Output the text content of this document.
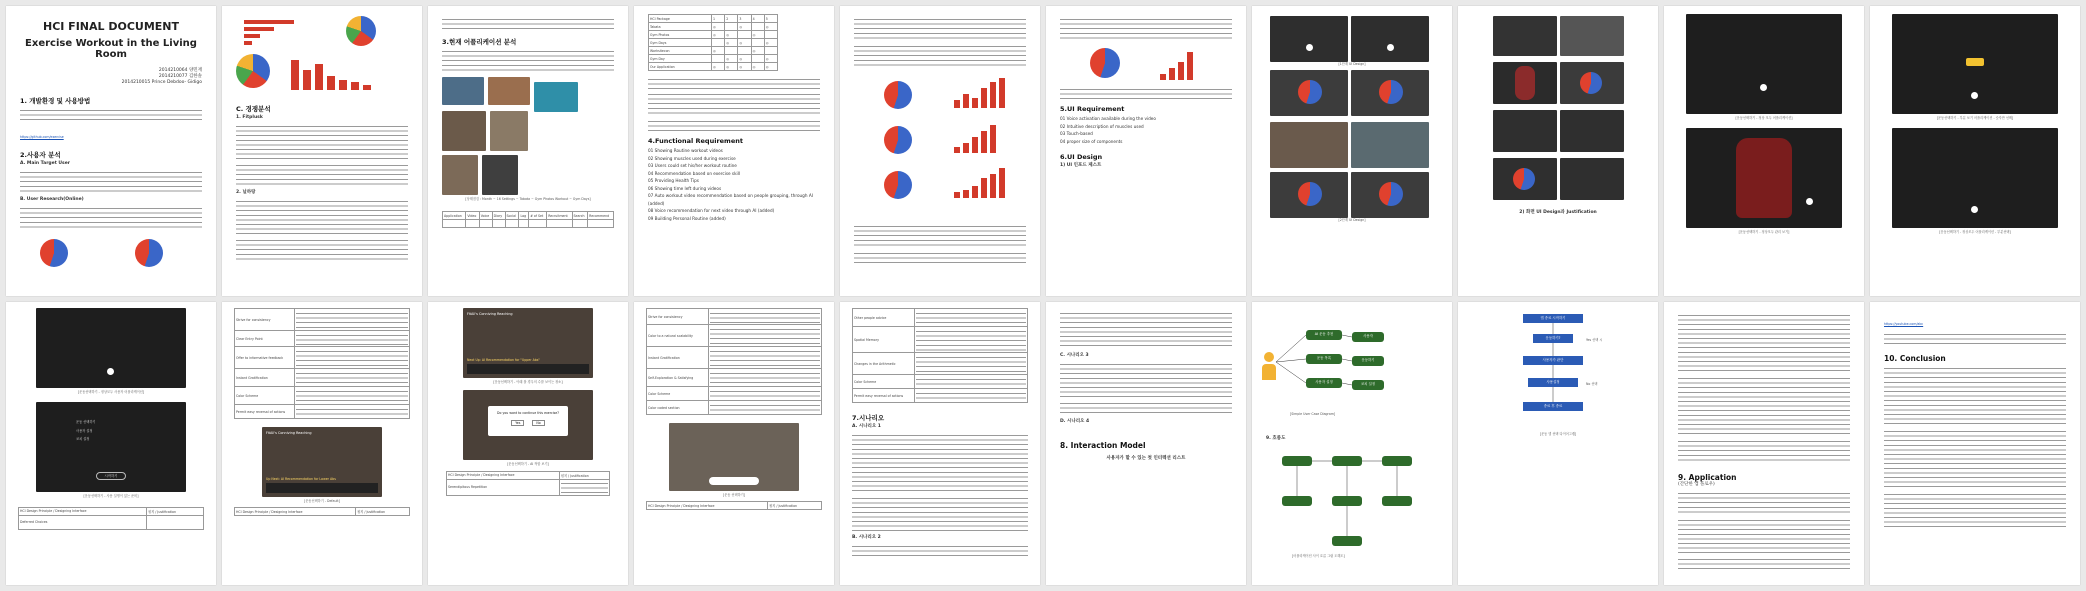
HCI FINAL DOCUMENT
Exercise Workout in the Living Room
2014210064 양민재
2014210077 김한솔
2014210015 Prince Debdoo- Gidigo
1. 개발환경 및 사용방법
https://github.com/exercise
2.사용자 분석
A. Main Target User
B. User Research(Online)
C. 경쟁분석
1. Fitplusk
2. 닐하랑
3.현재 어플리케이션 분석
[상태점검 : Month ~ 16 Settings ~ Tabata ~ Gym Photos Workout ~ Gym Days]
Application	Video	Voice	Diary	Social	Log	# of Set	Recruitment	Search	Recommend

HCI Package	1	2	3	4	5
Tabata	◎		◎		◎
Gym Photos	◎	◎		◎	
Gym Days		◎	◎		◎
Worksitecon	◎			◎	
Gym Day		◎	◎		◎
Our Application	◎	◎	◎	◎	◎
4.Functional Requirement
01 Showing Routine workout videos
02 Showing muscles used during exercise
03 Users could set his/her workout routine
04 Recommendation based on exercise skill
05 Providing Health Tips
06 Showing time left during videos
07 Auto workout video recommendation based on people grouping, through AI (added)
08 Voice recommendation for next video through AI (added)
09 Building Personal Routine (added)
5.UI Requirement
01 Voice activation available during the video
02 Intuitive description of muscles used
03 Touch-based
04 proper size of components
6.UI Design
1) UI 인포드 제스트
[1단계 UI Design]
[2단계 UI Design]
2) 화면 UI Design과 Justification
[운동선택하기 - 정상 모두 어플리케이션]
[운동선택하기 - 정상모두 관리 보기]
[운동선택하기 - 부분 보기 어플리케이션 - 숫자만 선택]
[운동선택하기 - 정상모두 어플리케이션 - 부분선택]
[운동선택하기 - 정상모두 사용자 어플리케이션]
운동 선택하기
사용자 설정
코치 설정
시작하기
[운동선택하기 - 사용 설명이 있는 준비]
HCI Design Principle / Designing Interface	원칙 / Justification
Deferred Choices	
Strive for consistency	

Clear Entry Point	

Offer to informative feedback	

Instant Gratification	

Color Scheme	

Permit easy reversal of actions	
FitAll's Conniving Reaching
Up Next: AI Recommendation for Lower Abs
[운동선택하기 - Default]
HCI Design Principle / Designing Interface	원칙 / Justification
FitAll's Conniving Reaching
Next Up: AI Recommendation for "Upper Abs"
[운동선택하기 - 아래 볼 경우의 수를 보이는 장소]
Do you want to continue this exercise?
Yes	No
[운동선택하기 - AI 적합 보기]
HCI Design Principle / Designing Interface	원칙 / Justification
Serendipitous Repetition	
Strive for consistency	

Color to a natural scalability	

Instant Gratification	

Self-Exploration & Satisfying	

Color Scheme	

Color coded section	
[운동 선택하기]
HCI Design Principle / Designing Interface	원칙 / Justification
Other people advice	

Spatial Memory	

Changes in the Arithmetic	

Color Scheme	

Permit easy reversal of actions	
7.시나리오
A. 시나리오 1
B. 시나리오 2
C. 시나리오 3
D. 시나리오 4
8. Interaction Model
사용자가 할 수 있는 첫 인터렉션 리스트
AI 운동 추천
운동 목록
사용자 설정
사용자
운동하기
코치 설정
[Simple User Case Diagram]
9. 흐름도
[어플리케이션 사이 흐름 그림 도해도]
앱 종료 시작하기
운동하기?
사용자가 판단
사용설정
종료 후 종료
Yes 선택 시
No 선택
[운동 앱 선택 다이어그램]
9. Application
(간단한 앱 플로우)
https://youtube.com/abc
10. Conclusion
